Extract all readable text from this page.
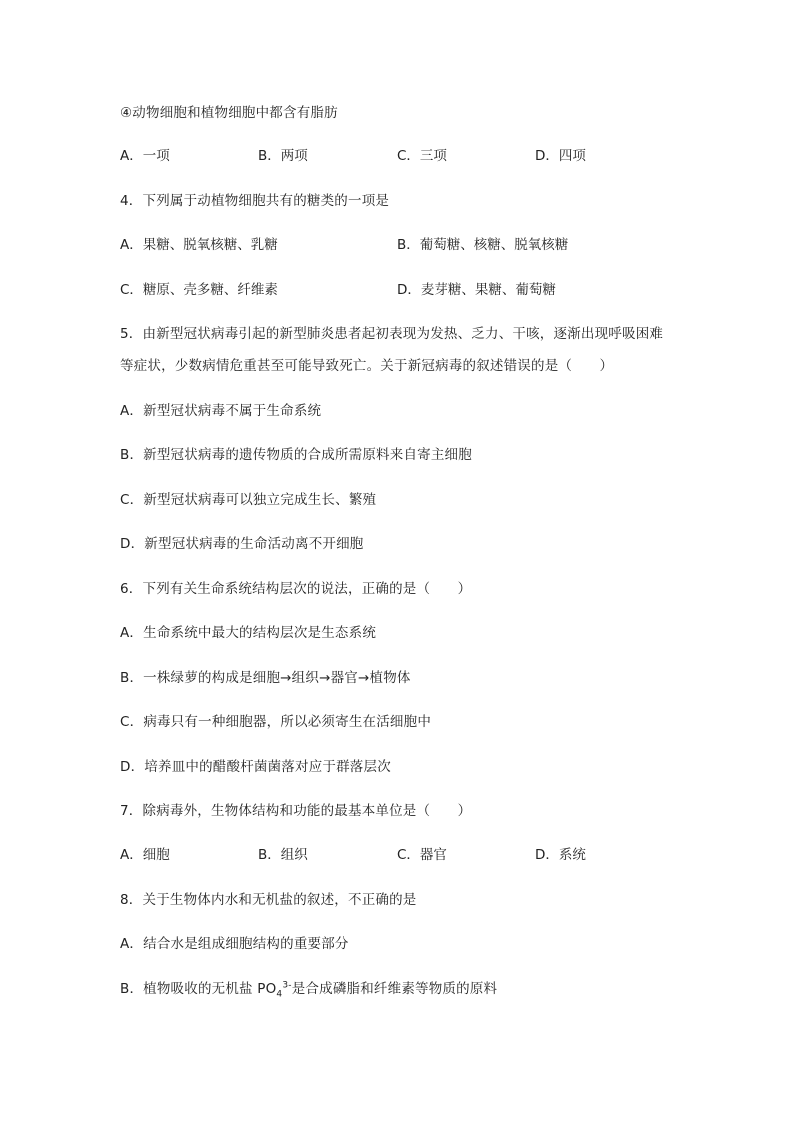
④动物细胞和植物细胞中都含有脂肪
A．一项	B．两项	C．三项	D．四项
4．下列属于动植物细胞共有的糖类的一项是
A．果糖、脱氧核糖、乳糖	B．葡萄糖、核糖、脱氧核糖
C．糖原、壳多糖、纤维素	D．麦芽糖、果糖、葡萄糖
5．由新型冠状病毒引起的新型肺炎患者起初表现为发热、乏力、干咳，逐渐出现呼吸困难
等症状，少数病情危重甚至可能导致死亡。关于新冠病毒的叙述错误的是（　　）
A．新型冠状病毒不属于生命系统
B．新型冠状病毒的遗传物质的合成所需原料来自寄主细胞
C．新型冠状病毒可以独立完成生长、繁殖
D．新型冠状病毒的生命活动离不开细胞
6．下列有关生命系统结构层次的说法，正确的是（　　）
A．生命系统中最大的结构层次是生态系统
B．一株绿萝的构成是细胞→组织→器官→植物体
C．病毒只有一种细胞器，所以必须寄生在活细胞中
D．培养皿中的醋酸杆菌菌落对应于群落层次
7．除病毒外，生物体结构和功能的最基本单位是（　　）
A．细胞	B．组织	C．器官	D．系统
8．关于生物体内水和无机盐的叙述，不正确的是
A．结合水是组成细胞结构的重要部分
B．植物吸收的无机盐 $PO_4^{3-}$是合成磷脂和纤维素等物质的原料
